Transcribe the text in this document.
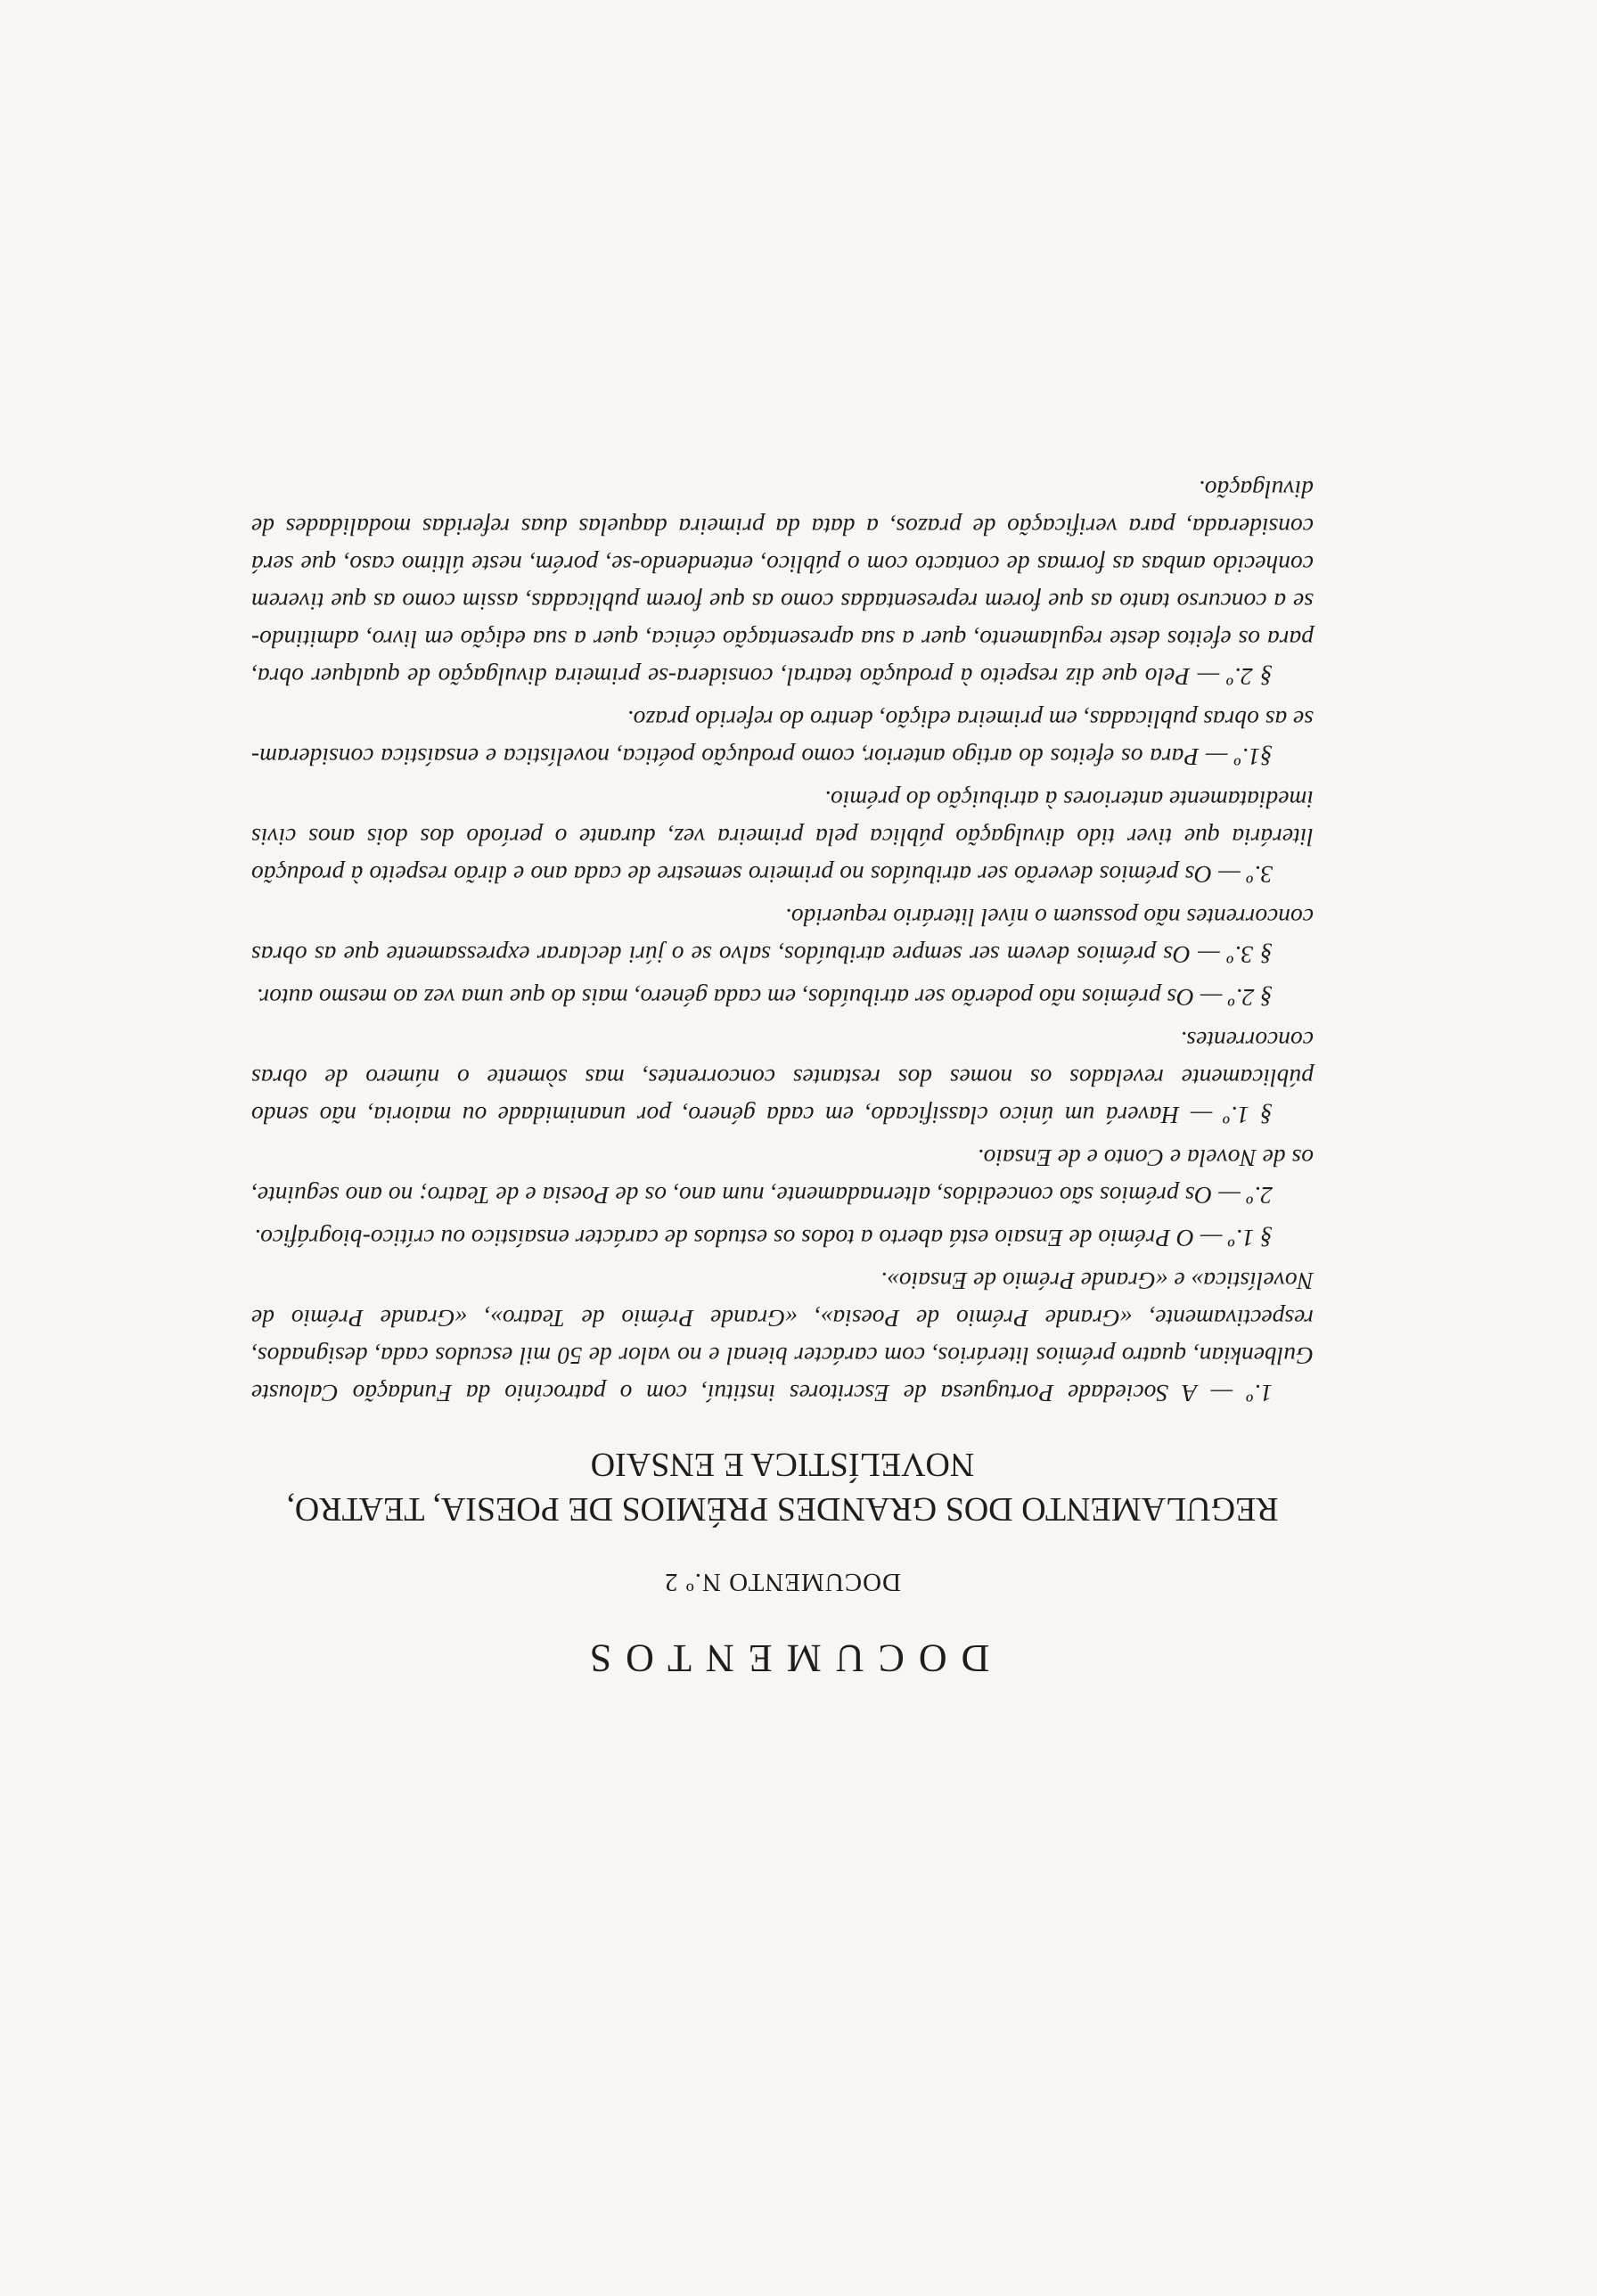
DOCUMENTOS
DOCUMENTO N.º 2
REGULAMENTO DOS GRANDES PRÉMIOS DE POESIA, TEATRO,
NOVELÍSTICA E ENSAIO

1.º — A Sociedade Portuguesa de Escritores instituí, com o patrocínio da Fundação Calouste Gulbenkian, quatro prémios literários, com carácter bienal e no valor de 50 mil escudos cada, designados, respectivamente, «Grande Prémio de Poesia», «Grande Prémio de Teatro», «Grande Prémio de Novelística» e «Grande Prémio de Ensaio».

§ 1.º — O Prémio de Ensaio está aberto a todos os estudos de carácter ensaístico ou crítico-biográfico.

2.º — Os prémios são concedidos, alternadamente, num ano, os de Poesia e de Teatro; no ano seguinte, os de Novela e Conto e de Ensaio.

§ 1.º — Haverá um único classificado, em cada género, por unanimidade ou maioria, não sendo públicamente revelados os nomes dos restantes concorrentes, mas sòmente o número de obras concorrentes.

§ 2.º — Os prémios não poderão ser atribuídos, em cada género, mais do que uma vez ao mesmo autor.

§ 3.º — Os prémios devem ser sempre atribuídos, salvo se o júri declarar expressamente que as obras concorrentes não possuem o nível literário requerido.

3.º — Os prémios deverão ser atribuídos no primeiro semestre de cada ano e dirão respeito à produção literária que tiver tido divulgação pública pela primeira vez, durante o período dos dois anos civis imediatamente anteriores à atribuição do prémio.

§1.º — Para os efeitos do artigo anterior, como produção poética, novelística e ensaística consideram-se as obras publicadas, em primeira edição, dentro do referido prazo.

§ 2.º — Pelo que diz respeito à produção teatral, considera-se primeira divulgação de qualquer obra, para os efeitos deste regulamento, quer a sua apresentação cénica, quer a sua edição em livro, admitindo-se a concurso tanto as que forem representadas como as que forem publicadas, assim como as que tiverem conhecido ambas as formas de contacto com o público, entendendo-se, porém, neste último caso, que será considerada, para verificação de prazos, a data da primeira daquelas duas referidas modalidades de divulgação.
